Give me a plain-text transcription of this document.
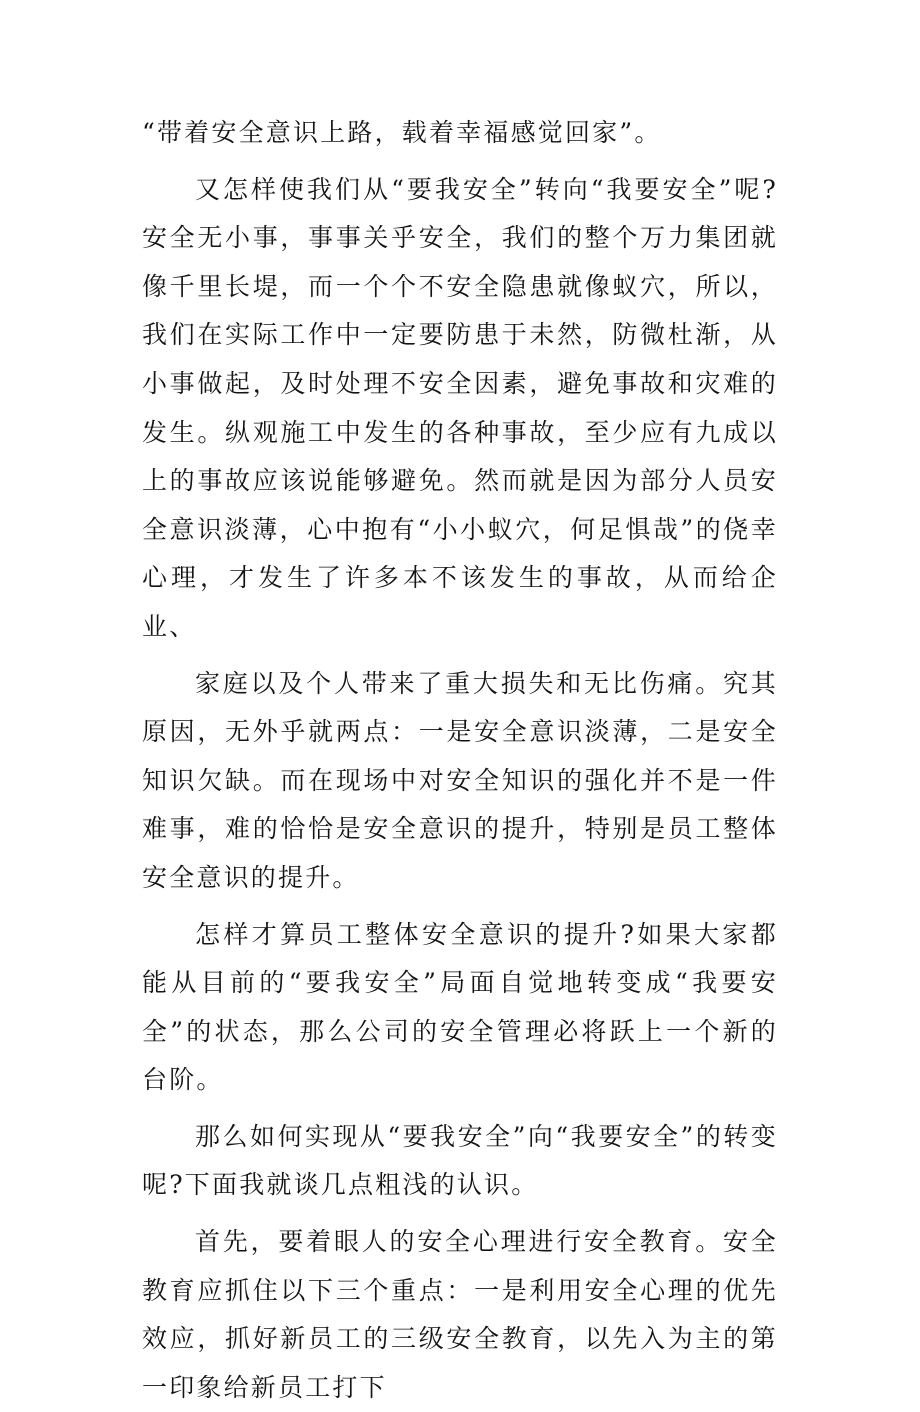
“带着安全意识上路，载着幸福感觉回家”。

又怎样使我们从“要我安全”转向“我要安全”呢?安全无小事，事事关乎安全，我们的整个万力集团就像千里长堤，而一个个不安全隐患就像蚁穴，所以，我们在实际工作中一定要防患于未然，防微杜渐，从小事做起，及时处理不安全因素，避免事故和灾难的发生。纵观施工中发生的各种事故，至少应有九成以上的事故应该说能够避免。然而就是因为部分人员安全意识淡薄，心中抱有“小小蚁穴，何足惧哉”的侥幸心理，才发生了许多本不该发生的事故，从而给企业、

家庭以及个人带来了重大损失和无比伤痛。究其原因，无外乎就两点：一是安全意识淡薄，二是安全知识欠缺。而在现场中对安全知识的强化并不是一件难事，难的恰恰是安全意识的提升，特别是员工整体安全意识的提升。

怎样才算员工整体安全意识的提升?如果大家都能从目前的“要我安全”局面自觉地转变成“我要安全”的状态，那么公司的安全管理必将跃上一个新的台阶。

那么如何实现从“要我安全”向“我要安全”的转变呢?下面我就谈几点粗浅的认识。

首先，要着眼人的安全心理进行安全教育。安全教育应抓住以下三个重点：一是利用安全心理的优先效应，抓好新员工的三级安全教育，以先入为主的第一印象给新员工打下
